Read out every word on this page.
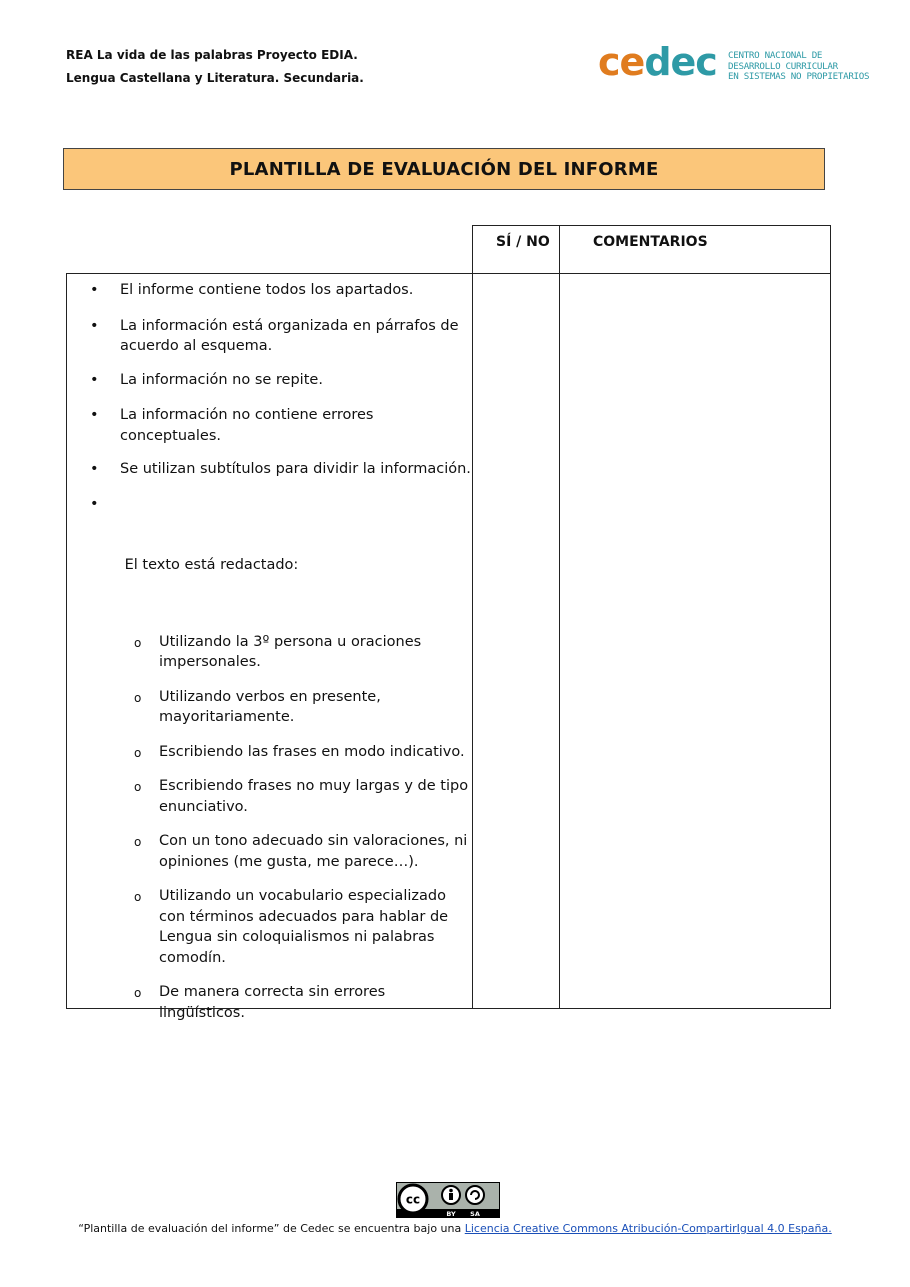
REA La vida de las palabras Proyecto EDIA.
Lengua Castellana y Literatura. Secundaria.	cedec CENTRO NACIONAL DE
DESARROLLO CURRICULAR
EN SISTEMAS NO PROPIETARIOS
PLANTILLA DE EVALUACIÓN DEL INFORME
SÍ / NO	COMENTARIOS
• El informe contiene todos los apartados.
• La información está organizada en párrafos de acuerdo al esquema.
• La información no se repite.
• La información no contiene errores conceptuales.
• Se utilizan subtítulos para dividir la información.

•

El texto está redactado:

o Utilizando la 3º persona u oraciones impersonales.
o Utilizando verbos en presente, mayoritariamente.
o Escribiendo las frases en modo indicativo.
o Escribiendo frases no muy largas y de tipo enunciativo.
o Con un tono adecuado sin valoraciones, ni opiniones (me gusta, me parece…).
o Utilizando un vocabulario especializado con términos adecuados para hablar de Lengua sin coloquialismos ni palabras comodín.
o De manera correcta sin errores lingüísticos.
cc
BY SA
“Plantilla de evaluación del informe” de Cedec se encuentra bajo una Licencia Creative Commons Atribución-CompartirIgual 4.0 España.
